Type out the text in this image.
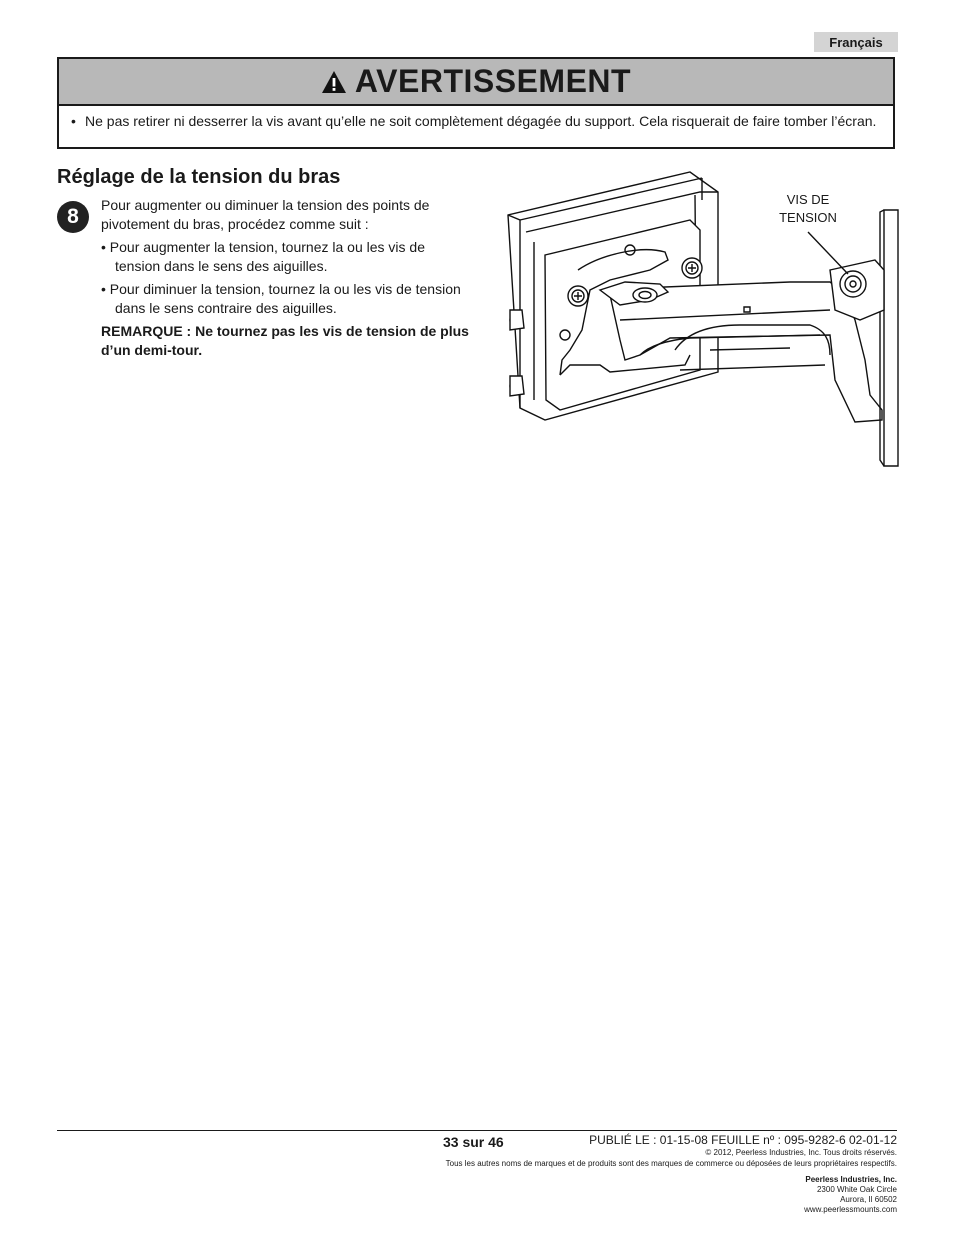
Français
AVERTISSEMENT
• Ne pas retirer ni desserrer la vis avant qu’elle ne soit complètement dégagée du support. Cela risquerait de faire tomber l’écran.
Réglage de la tension du bras
8	Pour augmenter ou diminuer la tension des points de pivotement du bras, procédez comme suit :

• Pour augmenter la tension, tournez la ou les vis de tension dans le sens des aiguilles.

• Pour diminuer la tension, tournez la ou les vis de tension dans le sens contraire des aiguilles.

REMARQUE : Ne tournez pas les vis de tension de plus d’un demi-tour.

VIS DE
TENSION
33 sur 46	PUBLIÉ LE : 01-15-08 FEUILLE nº : 095-9282-6 02-01-12
© 2012, Peerless Industries, Inc. Tous droits réservés.
Tous les autres noms de marques et de produits sont des marques de commerce ou déposées de leurs propriétaires respectifs.
Peerless Industries, Inc.
2300 White Oak Circle
Aurora, Il 60502
www.peerlessmounts.com
